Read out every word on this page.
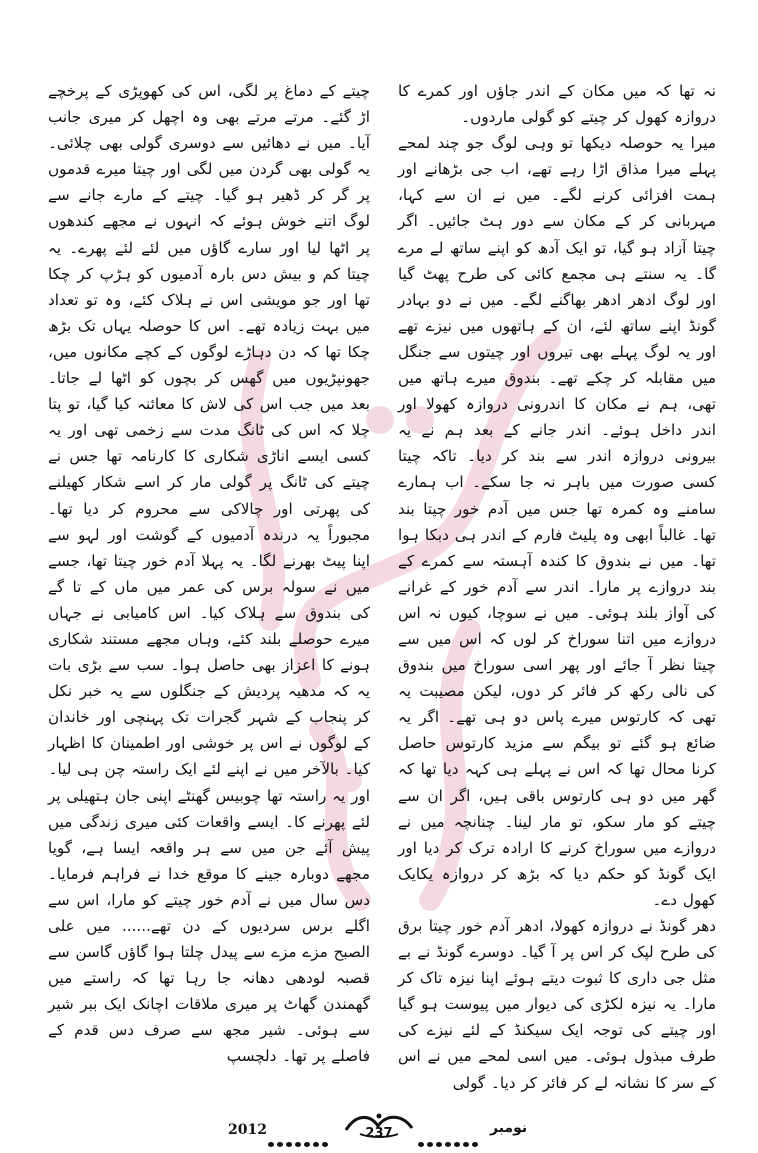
نہ تھا کہ میں مکان کے اندر جاؤں اور کمرے کا دروازہ کھول کر چیتے کو گولی ماردوں۔

میرا یہ حوصلہ دیکھا تو وہی لوگ جو چند لمحے پہلے میرا مذاق اڑا رہے تھے، اب جی بڑھانے اور ہمت افزائی کرنے لگے۔ میں نے ان سے کہا، مہربانی کر کے مکان سے دور ہٹ جائیں۔ اگر چیتا آزاد ہو گیا، تو ایک آدھ کو اپنے ساتھ لے مرے گا۔ یہ سنتے ہی مجمع کائی کی طرح پھٹ گیا اور لوگ ادھر ادھر بھاگنے لگے۔ میں نے دو بہادر گونڈ اپنے ساتھ لئے، ان کے ہاتھوں میں نیزے تھے اور یہ لوگ پہلے بھی تیروں اور چیتوں سے جنگل میں مقابلہ کر چکے تھے۔ بندوق میرے ہاتھ میں تھی، ہم نے مکان کا اندرونی دروازہ کھولا اور اندر داخل ہوئے۔ اندر جانے کے بعد ہم نے یہ بیرونی دروازہ اندر سے بند کر دیا۔ تاکہ چیتا کسی صورت میں باہر نہ جا سکے۔ اب ہمارے سامنے وہ کمرہ تھا جس میں آدم خور چیتا بند تھا۔ غالباً ابھی وہ پلیٹ فارم کے اندر ہی دبکا ہوا تھا۔ میں نے بندوق کا کندہ آہستہ سے کمرے کے بند دروازے پر مارا۔ اندر سے آدم خور کے غرانے کی آواز بلند ہوئی۔ میں نے سوچا، کیوں نہ اس دروازے میں اتنا سوراخ کر لوں کہ اس میں سے چیتا نظر آ جائے اور پھر اسی سوراخ میں بندوق کی نالی رکھ کر فائر کر دوں، لیکن مصیبت یہ تھی کہ کارتوس میرے پاس دو ہی تھے۔ اگر یہ ضائع ہو گئے تو بیگم سے مزید کارتوس حاصل کرنا محال تھا کہ اس نے پہلے ہی کہہ دیا تھا کہ گھر میں دو ہی کارتوس باقی ہیں، اگر ان سے چیتے کو مار سکو، تو مار لینا۔ چنانچہ میں نے دروازے میں سوراخ کرنے کا ارادہ ترک کر دیا اور ایک گونڈ کو حکم دیا کہ بڑھ کر دروازہ یکایک کھول دے۔

دھر گونڈ نے دروازہ کھولا، ادھر آدم خور چیتا برق کی طرح لپک کر اس پر آ گیا۔ دوسرے گونڈ نے بے مثل جی داری کا ثبوت دیتے ہوئے اپنا نیزہ تاک کر مارا۔ یہ نیزہ لکڑی کی دیوار میں پیوست ہو گیا اور چیتے کی توجہ ایک سیکنڈ کے لئے نیزے کی طرف مبذول ہوئی۔ میں اسی لمحے میں نے اس کے سر کا نشانہ لے کر فائر کر دیا۔ گولی

چیتے کے دماغ پر لگی، اس کی کھوپڑی کے پرخچے اڑ گئے۔ مرتے مرتے بھی وہ اچھل کر میری جانب آیا۔ میں نے دھائیں سے دوسری گولی بھی چلائی۔ یہ گولی بھی گردن میں لگی اور چیتا میرے قدموں پر گر کر ڈھیر ہو گیا۔ چیتے کے مارے جانے سے لوگ اتنے خوش ہوئے کہ انہوں نے مجھے کندھوں پر اٹھا لیا اور سارے گاؤں میں لئے لئے پھرے۔ یہ چیتا کم و بیش دس بارہ آدمیوں کو ہڑپ کر چکا تھا اور جو مویشی اس نے ہلاک کئے، وہ تو تعداد میں بہت زیادہ تھے۔ اس کا حوصلہ یہاں تک بڑھ چکا تھا کہ دن دہاڑے لوگوں کے کچے مکانوں میں، جھونپڑیوں میں گھس کر بچوں کو اٹھا لے جاتا۔ بعد میں جب اس کی لاش کا معائنہ کیا گیا، تو پتا چلا کہ اس کی ٹانگ مدت سے زخمی تھی اور یہ کسی ایسے اناڑی شکاری کا کارنامہ تھا جس نے چیتے کی ٹانگ پر گولی مار کر اسے شکار کھیلنے کی پھرتی اور چالاکی سے محروم کر دیا تھا۔ مجبوراً یہ درندہ آدمیوں کے گوشت اور لہو سے اپنا پیٹ بھرنے لگا۔ یہ پہلا آدم خور چیتا تھا، جسے میں نے سولہ برس کی عمر میں ماں کے تا گے کی بندوق سے ہلاک کیا۔ اس کامیابی نے جہاں میرے حوصلے بلند کئے، وہاں مجھے مستند شکاری ہونے کا اعزاز بھی حاصل ہوا۔ سب سے بڑی بات یہ کہ مدھیہ پردیش کے جنگلوں سے یہ خبر نکل کر پنجاب کے شہر گجرات تک پہنچی اور خاندان کے لوگوں نے اس پر خوشی اور اطمینان کا اظہار کیا۔ بالآخر میں نے اپنے لئے ایک راستہ چن ہی لیا۔

اور یہ راستہ تھا چوبیس گھنٹے اپنی جان ہتھیلی پر لئے پھرنے کا۔ ایسے واقعات کئی میری زندگی میں پیش آئے جن میں سے ہر واقعہ ایسا ہے، گویا مجھے دوبارہ جینے کا موقع خدا نے فراہم فرمایا۔ دس سال میں نے آدم خور چیتے کو مارا، اس سے اگلے برس سردیوں کے دن تھے...... میں علی الصبح مزے مزے سے پیدل چلتا ہوا گاؤں گاسن سے قصبہ لودھی دھانہ جا رہا تھا کہ راستے میں گھمندن گھاٹ پر میری ملاقات اچانک ایک ببر شیر سے ہوئی۔ شیر مجھ سے صرف دس قدم کے فاصلے پر تھا۔ دلچسپ

2012	237	نومبر
